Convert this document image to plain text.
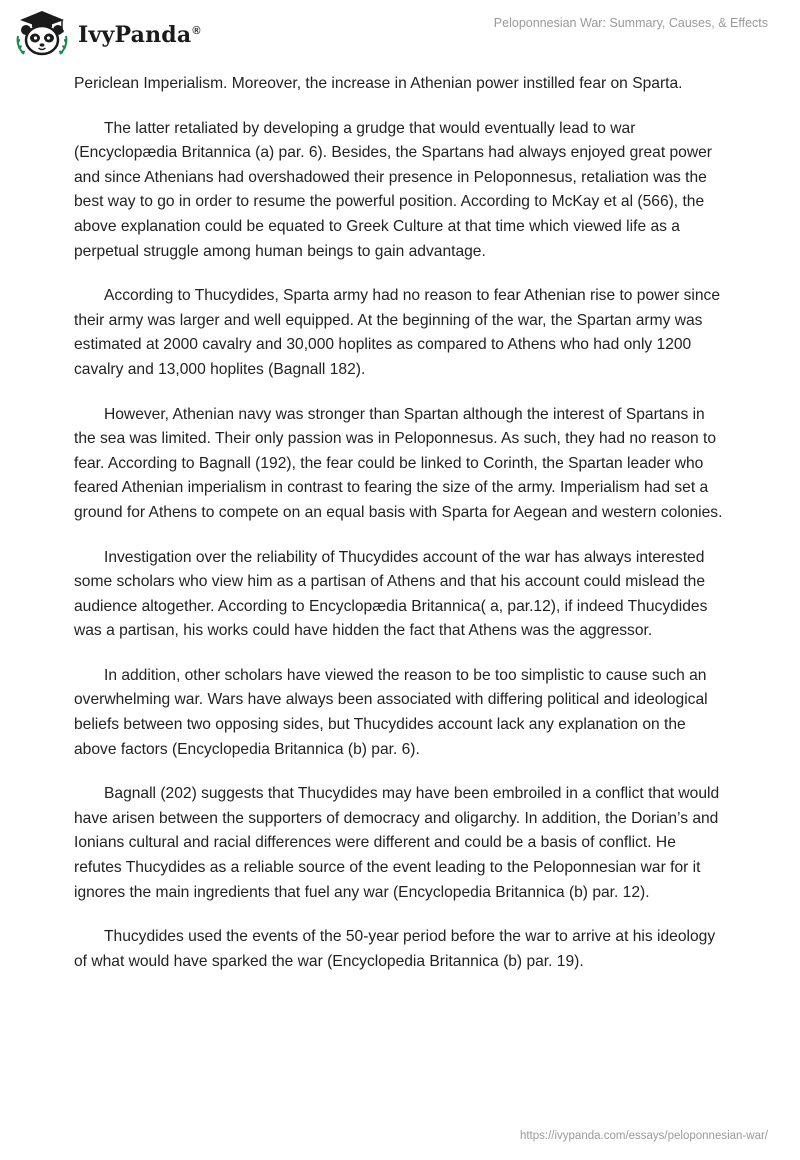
IvyPanda®
Peloponnesian War: Summary, Causes, & Effects

Periclean Imperialism. Moreover, the increase in Athenian power instilled fear on Sparta.

The latter retaliated by developing a grudge that would eventually lead to war (Encyclopædia Britannica (a) par. 6). Besides, the Spartans had always enjoyed great power and since Athenians had overshadowed their presence in Peloponnesus, retaliation was the best way to go in order to resume the powerful position. According to McKay et al (566), the above explanation could be equated to Greek Culture at that time which viewed life as a perpetual struggle among human beings to gain advantage.

According to Thucydides, Sparta army had no reason to fear Athenian rise to power since their army was larger and well equipped. At the beginning of the war, the Spartan army was estimated at 2000 cavalry and 30,000 hoplites as compared to Athens who had only 1200 cavalry and 13,000 hoplites (Bagnall 182).

However, Athenian navy was stronger than Spartan although the interest of Spartans in the sea was limited. Their only passion was in Peloponnesus. As such, they had no reason to fear. According to Bagnall (192), the fear could be linked to Corinth, the Spartan leader who feared Athenian imperialism in contrast to fearing the size of the army. Imperialism had set a ground for Athens to compete on an equal basis with Sparta for Aegean and western colonies.

Investigation over the reliability of Thucydides account of the war has always interested some scholars who view him as a partisan of Athens and that his account could mislead the audience altogether. According to Encyclopædia Britannica( a, par.12), if indeed Thucydides was a partisan, his works could have hidden the fact that Athens was the aggressor.

In addition, other scholars have viewed the reason to be too simplistic to cause such an overwhelming war. Wars have always been associated with differing political and ideological beliefs between two opposing sides, but Thucydides account lack any explanation on the above factors (Encyclopedia Britannica (b) par. 6).

Bagnall (202) suggests that Thucydides may have been embroiled in a conflict that would have arisen between the supporters of democracy and oligarchy. In addition, the Dorian’s and Ionians cultural and racial differences were different and could be a basis of conflict. He refutes Thucydides as a reliable source of the event leading to the Peloponnesian war for it ignores the main ingredients that fuel any war (Encyclopedia Britannica (b) par. 12).

Thucydides used the events of the 50-year period before the war to arrive at his ideology of what would have sparked the war (Encyclopedia Britannica (b) par. 19).

https://ivypanda.com/essays/peloponnesian-war/
